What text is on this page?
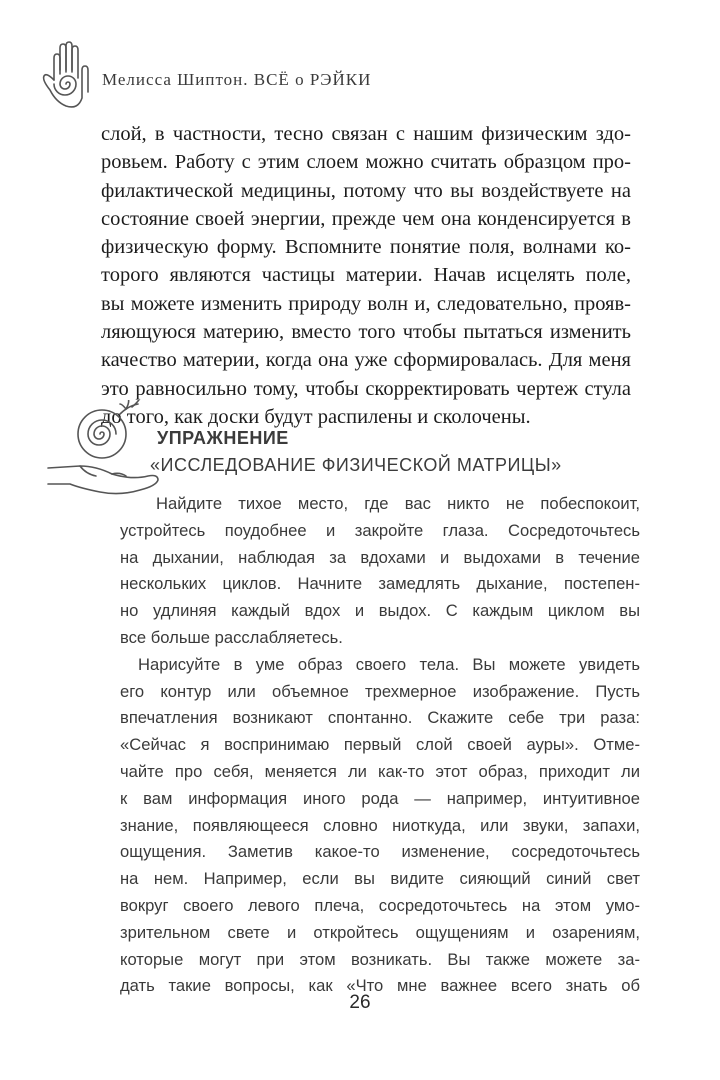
Мелисса Шиптон. ВСЁ о РЭЙКИ
слой, в частности, тесно связан с нашим физическим здо-
ровьем. Работу с этим слоем можно считать образцом про-
филактической медицины, потому что вы воздействуете на
состояние своей энергии, прежде чем она конденсируется в
физическую форму. Вспомните понятие поля, волнами ко-
торого являются частицы материи. Начав исцелять поле,
вы можете изменить природу волн и, следовательно, прояв-
ляющуюся материю, вместо того чтобы пытаться изменить
качество материи, когда она уже сформировалась. Для меня
это равносильно тому, чтобы скорректировать чертеж стула
до того, как доски будут распилены и сколочены.
УПРАЖНЕНИЕ
«ИССЛЕДОВАНИЕ ФИЗИЧЕСКОЙ МАТРИЦЫ»
Найдите тихое место, где вас никто не побеспокоит,
устройтесь поудобнее и закройте глаза. Сосредоточьтесь
на дыхании, наблюдая за вдохами и выдохами в течение
нескольких циклов. Начните замедлять дыхание, постепен-
но удлиняя каждый вдох и выдох. С каждым циклом вы
все больше расслабляетесь.
Нарисуйте в уме образ своего тела. Вы можете увидеть
его контур или объемное трехмерное изображение. Пусть
впечатления возникают спонтанно. Скажите себе три раза:
«Сейчас я воспринимаю первый слой своей ауры». Отме-
чайте про себя, меняется ли как-то этот образ, приходит ли
к вам информация иного рода — например, интуитивное
знание, появляющееся словно ниоткуда, или звуки, запахи,
ощущения. Заметив какое-то изменение, сосредоточьтесь
на нем. Например, если вы видите сияющий синий свет
вокруг своего левого плеча, сосредоточьтесь на этом умо-
зрительном свете и откройтесь ощущениям и озарениям,
которые могут при этом возникать. Вы также можете за-
дать такие вопросы, как «Что мне важнее всего знать об
26
